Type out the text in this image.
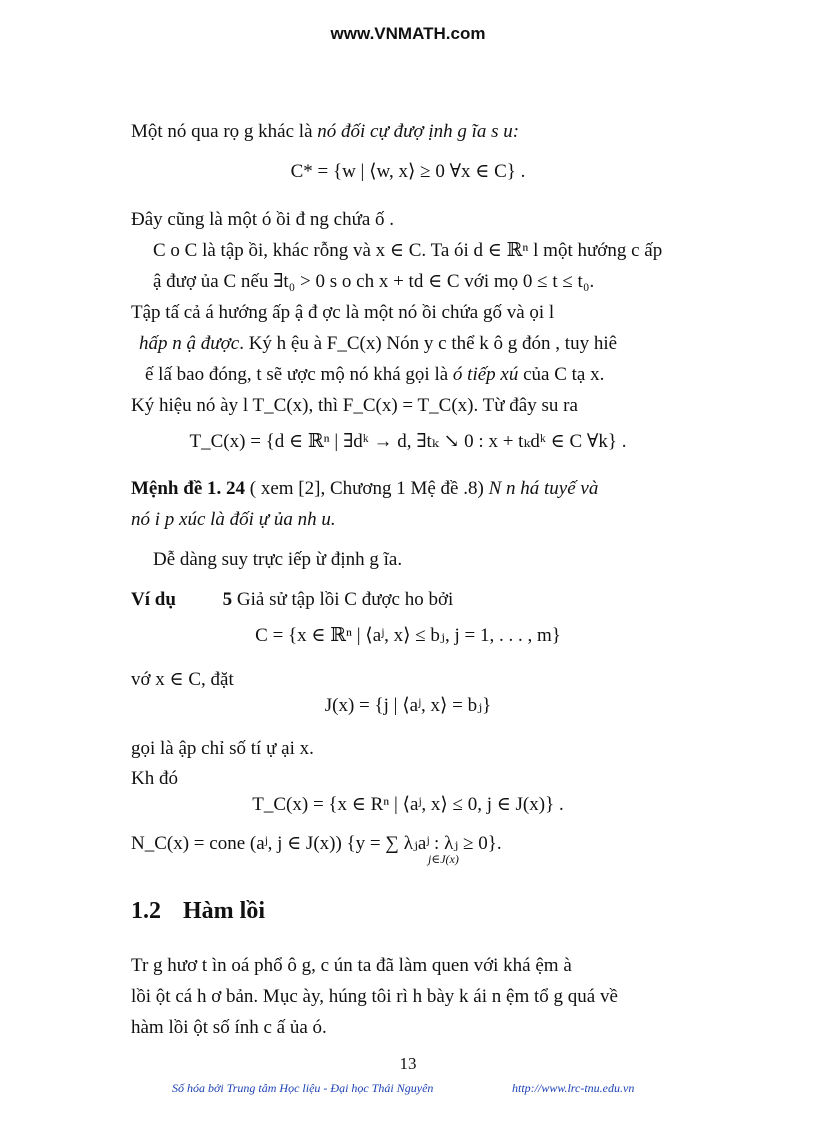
www.VNMATH.com
Một nó qua rọ g khác là nó đối cự đượ ịnh g ĩa s u:
C* = {w | ⟨w, x⟩ ≥ 0 ∀x ∈ C} .
Đây cũng là một ó ồi đ ng chứa ố .
C o C là tập ồi, khác rỗng và x ∈ C. Ta ói d ∈ ℝⁿ l một hướng c ấp
ậ đượ ủa C nếu ∃t₀ > 0 s o ch x + td ∈ C với mọ 0 ≤ t ≤ t₀.
Tập tấ cả á hướng ấp ậ đ ợc là một nó ồi chứa gố và ọi l
hấp n ậ được. Ký h ệu à F_C(x) Nón y c thể k ô g đón , tuy hiê
ế lấ bao đóng, t sẽ ược mộ nó khá gọi là ó tiếp xú của C tạ x.
Ký hiệu nó ày l T_C(x), thì F_C(x) = T_C(x). Từ đây su ra
T_C(x) = {d ∈ ℝⁿ | ∃dᵏ → d, ∃tₖ ↘ 0 : x + tₖdᵏ ∈ C ∀k} .
Mệnh đề 1. 24 ( xem [2], Chương 1 Mệ đề .8) N n há tuyế và
nó i p xúc là đối ự ủa nh u.
Dễ dàng suy trực iếp ừ định g ĩa.
Ví dụ 5 Giả sử tập lồi C được ho bởi
C = {x ∈ ℝⁿ | ⟨aʲ, x⟩ ≤ bⱼ, j = 1, . . . , m}
vớ x ∈ C, đặt
J(x) = {j | ⟨aʲ, x⟩ = bⱼ}
gọi là ập chỉ số tí ự ại x.
Kh đó
T_C(x) = {x ∈ Rⁿ | ⟨aʲ, x⟩ ≤ 0, j ∈ J(x)} .
N_C(x) = cone (aʲ, j ∈ J(x)) {y = ∑ λⱼaʲ : λⱼ ≥ 0}.
j∈J(x)
1.2 Hàm lồi
Tr g hươ t ìn oá phổ ô g, c ún ta đã làm quen với khá ệm à
lồi ột cá h ơ bản. Mục ày, húng tôi rì h bày k ái n ệm tổ g quá về
hàm lồi ột số ính c ấ ủa ó.
13
Số hóa bởi Trung tâm Học liệu - Đại học Thái Nguyên	http://www.lrc-tnu.edu.vn
